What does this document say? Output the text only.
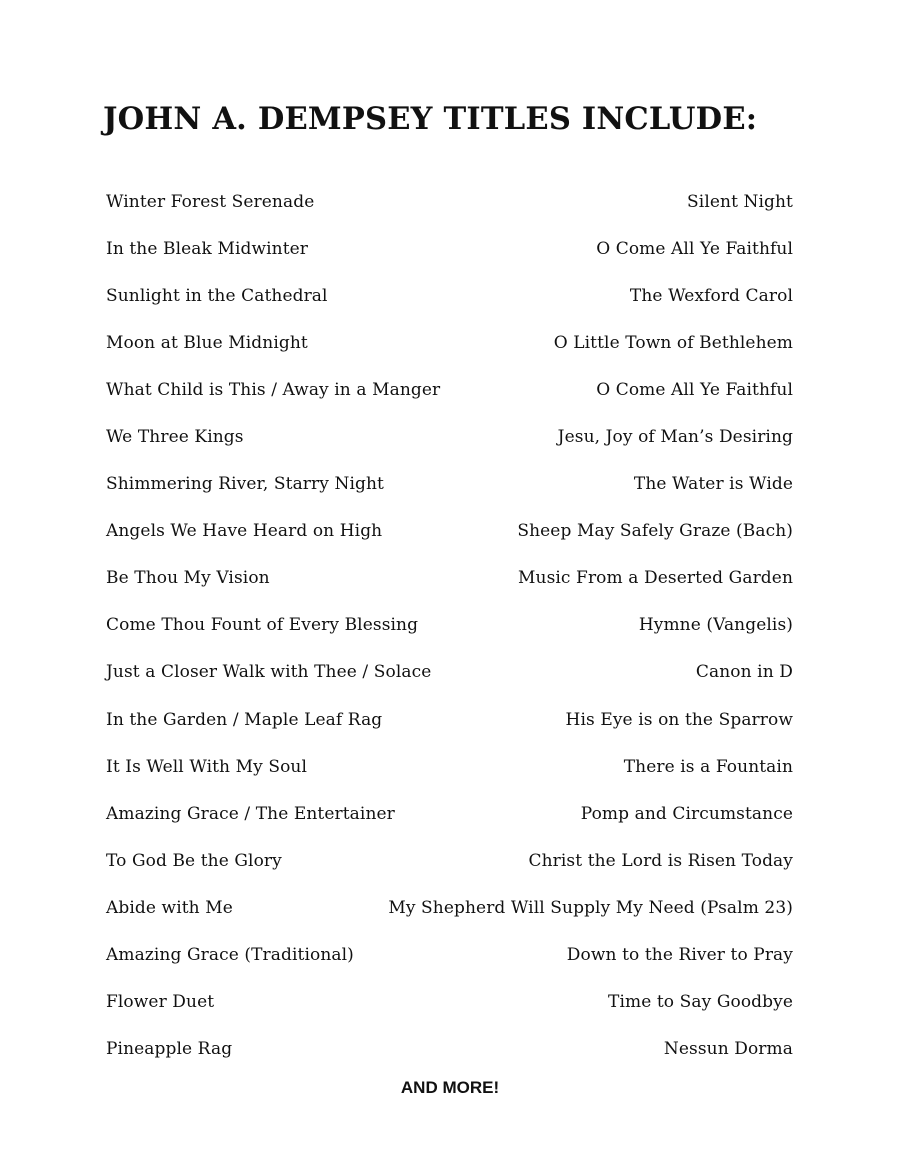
JOHN A. DEMPSEY TITLES INCLUDE:
Winter Forest Serenade	Silent Night
In the Bleak Midwinter	O Come All Ye Faithful
Sunlight in the Cathedral	The Wexford Carol
Moon at Blue Midnight	O Little Town of Bethlehem
What Child is This / Away in a Manger	O Come All Ye Faithful
We Three Kings	Jesu, Joy of Man’s Desiring
Shimmering River, Starry Night	The Water is Wide
Angels We Have Heard on High	Sheep May Safely Graze (Bach)
Be Thou My Vision	Music From a Deserted Garden
Come Thou Fount of Every Blessing	Hymne (Vangelis)
Just a Closer Walk with Thee / Solace	Canon in D
In the Garden / Maple Leaf Rag	His Eye is on the Sparrow
It Is Well With My Soul	There is a Fountain
Amazing Grace / The Entertainer	Pomp and Circumstance
To God Be the Glory	Christ the Lord is Risen Today
Abide with Me	My Shepherd Will Supply My Need (Psalm 23)
Amazing Grace (Traditional)	Down to the River to Pray
Flower Duet	Time to Say Goodbye
Pineapple Rag	Nessun Dorma
AND MORE!
